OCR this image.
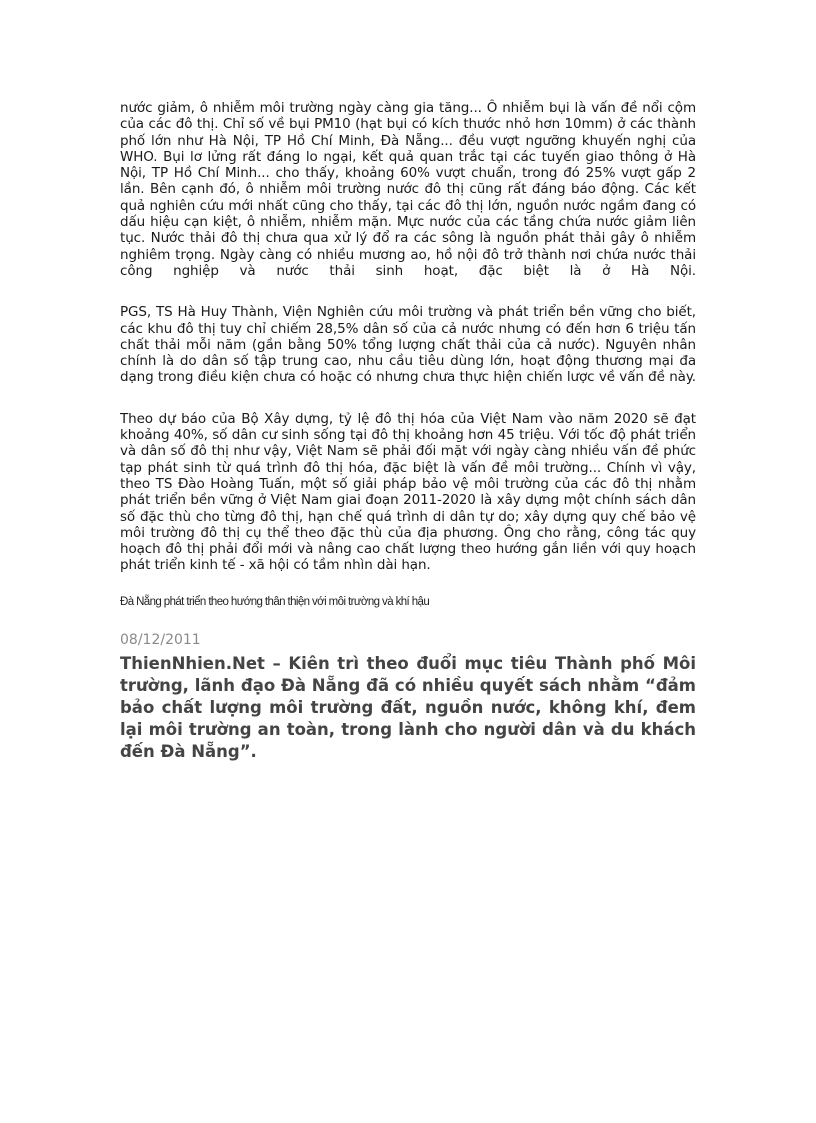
nước giảm, ô nhiễm môi trường ngày càng gia tăng... Ô nhiễm bụi là vấn đề nổi cộm của các đô thị. Chỉ số về bụi PM10 (hạt bụi có kích thước nhỏ hơn 10mm) ở các thành phố lớn như Hà Nội, TP Hồ Chí Minh, Đà Nẵng... đều vượt ngưỡng khuyến nghị của WHO. Bụi lơ lửng rất đáng lo ngại, kết quả quan trắc tại các tuyến giao thông ở Hà Nội, TP Hồ Chí Minh... cho thấy, khoảng 60% vượt chuẩn, trong đó 25% vượt gấp 2 lần. Bên cạnh đó, ô nhiễm môi trường nước đô thị cũng rất đáng báo động. Các kết quả nghiên cứu mới nhất cũng cho thấy, tại các đô thị lớn, nguồn nước ngầm đang có dấu hiệu cạn kiệt, ô nhiễm, nhiễm mặn. Mực nước của các tầng chứa nước giảm liên tục. Nước thải đô thị chưa qua xử lý đổ ra các sông là nguồn phát thải gây ô nhiễm nghiêm trọng. Ngày càng có nhiều mương ao, hồ nội đô trở thành nơi chứa nước thải công nghiệp và nước thải sinh hoạt, đặc biệt là ở Hà Nội.

PGS, TS Hà Huy Thành, Viện Nghiên cứu môi trường và phát triển bền vững cho biết, các khu đô thị tuy chỉ chiếm 28,5% dân số của cả nước nhưng có đến hơn 6 triệu tấn chất thải mỗi năm (gần bằng 50% tổng lượng chất thải của cả nước). Nguyên nhân chính là do dân số tập trung cao, nhu cầu tiêu dùng lớn, hoạt động thương mại đa dạng trong điều kiện chưa có hoặc có nhưng chưa thực hiện chiến lược về vấn đề này.

Theo dự báo của Bộ Xây dựng, tỷ lệ đô thị hóa của Việt Nam vào năm 2020 sẽ đạt khoảng 40%, số dân cư sinh sống tại đô thị khoảng hơn 45 triệu. Với tốc độ phát triển và dân số đô thị như vậy, Việt Nam sẽ phải đối mặt với ngày càng nhiều vấn đề phức tạp phát sinh từ quá trình đô thị hóa, đặc biệt là vấn đề môi trường... Chính vì vậy, theo TS Đào Hoàng Tuấn, một số giải pháp bảo vệ môi trường của các đô thị nhằm phát triển bền vững ở Việt Nam giai đoạn 2011-2020 là xây dựng một chính sách dân số đặc thù cho từng đô thị, hạn chế quá trình di dân tự do; xây dựng quy chế bảo vệ môi trường đô thị cụ thể theo đặc thù của địa phương. Ông cho rằng, công tác quy hoạch đô thị phải đổi mới và nâng cao chất lượng theo hướng gắn liền với quy hoạch phát triển kinh tế - xã hội có tầm nhìn dài hạn.

Đà Nẵng phát triển theo hướng thân thiện với môi trường và khí hậu
08/12/2011

ThienNhien.Net – Kiên trì theo đuổi mục tiêu Thành phố Môi trường, lãnh đạo Đà Nẵng đã có nhiều quyết sách nhằm “đảm bảo chất lượng môi trường đất, nguồn nước, không khí, đem lại môi trường an toàn, trong lành cho người dân và du khách đến Đà Nẵng”.
